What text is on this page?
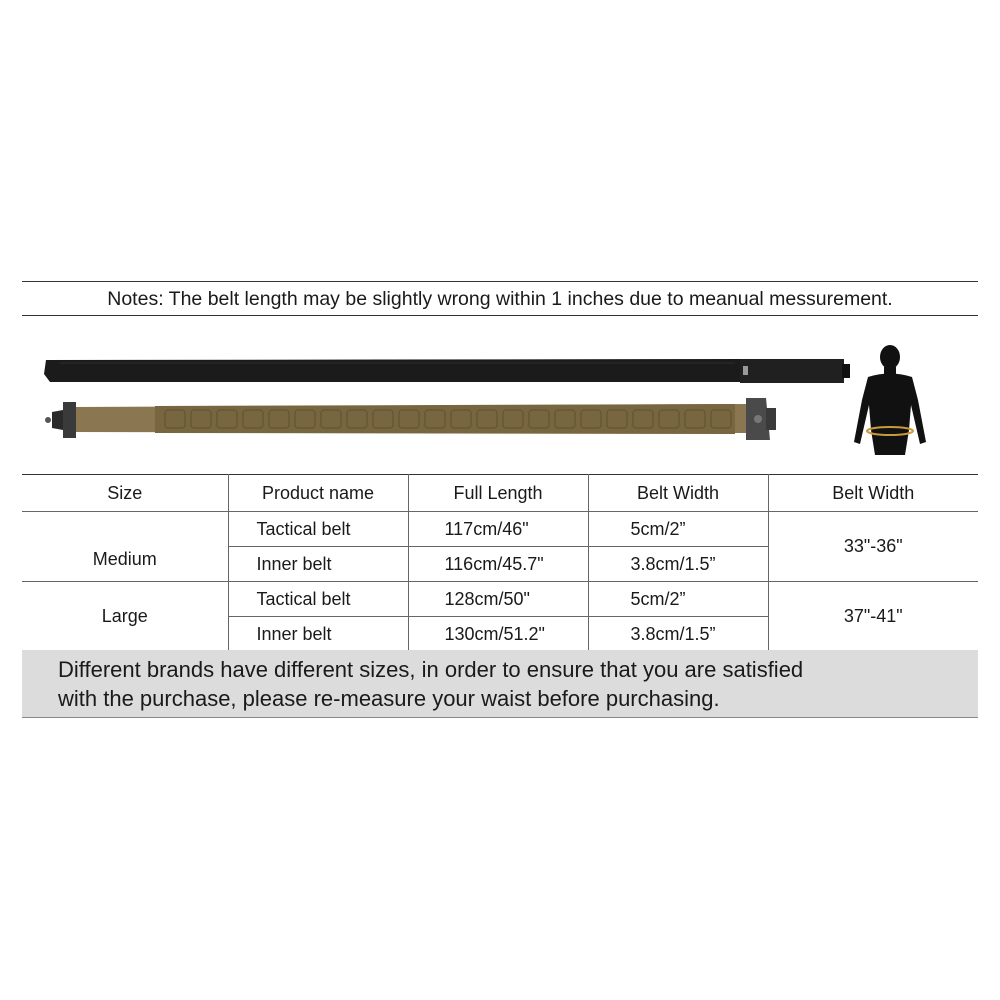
Notes: The belt length may be slightly wrong within 1 inches due to meanual messurement.
Size	Product name	Full Length	Belt Width	Belt Width
Medium	Tactical belt	117cm/46"	5cm/2”	33"-36"
	Inner belt	116cm/45.7"	3.8cm/1.5”	
Large	Tactical belt	128cm/50"	5cm/2”	37"-41"
	Inner belt	130cm/51.2"	3.8cm/1.5”	
Different brands have different sizes, in order to ensure that you are satisfied
with the purchase, please re-measure your waist before purchasing.
